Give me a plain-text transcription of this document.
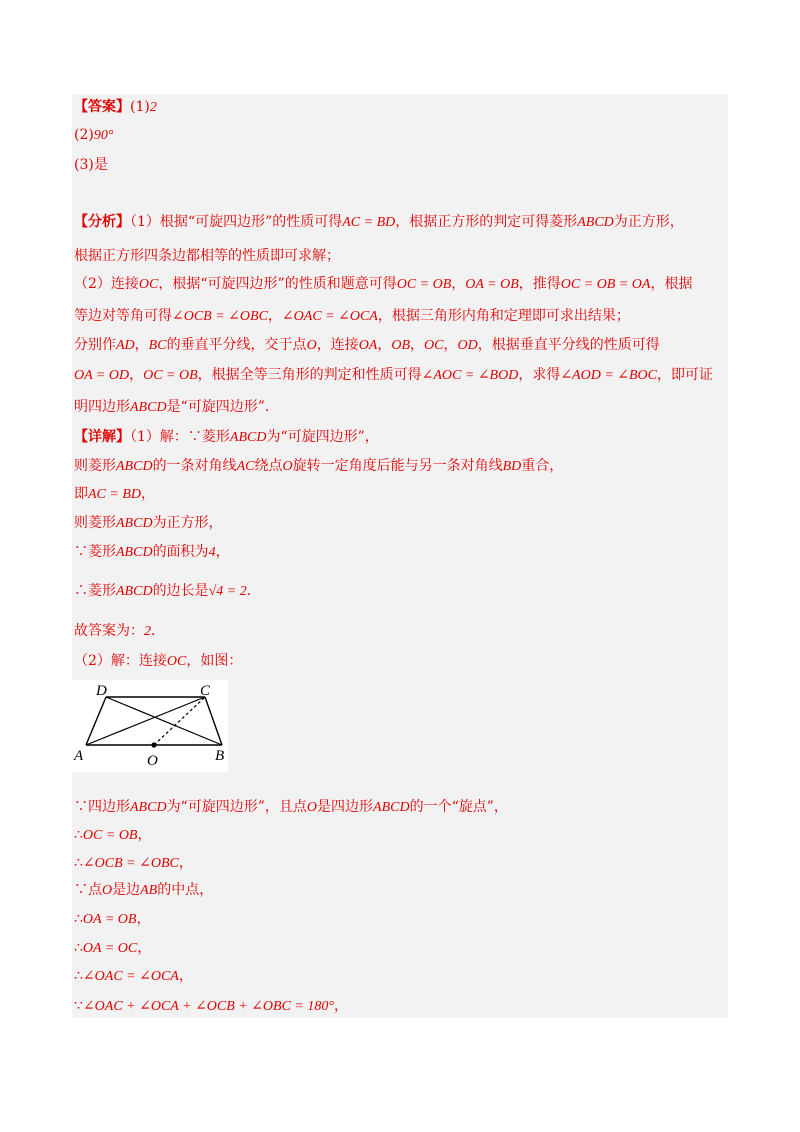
【答案】(1)2
(2)90°
(3)是
【分析】（1）根据“可旋四边形”的性质可得AC = BD，根据正方形的判定可得菱形ABCD为正方形，
根据正方形四条边都相等的性质即可求解；
（2）连接OC，根据“可旋四边形”的性质和题意可得OC = OB，OA = OB，推得OC = OB = OA，根据
等边对等角可得∠OCB = ∠OBC，∠OAC = ∠OCA，根据三角形内角和定理即可求出结果；
分别作AD，BC的垂直平分线，交于点O，连接OA，OB，OC，OD，根据垂直平分线的性质可得
OA = OD，OC = OB，根据全等三角形的判定和性质可得∠AOC = ∠BOD，求得∠AOD = ∠BOC，即可证
明四边形ABCD是“可旋四边形”．
【详解】（1）解：∵菱形ABCD为“可旋四边形”，
则菱形ABCD的一条对角线AC绕点O旋转一定角度后能与另一条对角线BD重合，
即AC = BD，
则菱形ABCD为正方形，
∵菱形ABCD的面积为4，
∴菱形ABCD的边长是√4 = 2．
故答案为：2．
（2）解：连接OC，如图：
∵四边形ABCD为“可旋四边形”，且点O是四边形ABCD的一个“旋点”，
∴OC = OB，
∴∠OCB = ∠OBC，
∵点O是边AB的中点，
∴OA = OB，
∴OA = OC，
∴∠OAC = ∠OCA，
∵∠OAC + ∠OCA + ∠OCB + ∠OBC = 180°，
D	C
A	O	B
